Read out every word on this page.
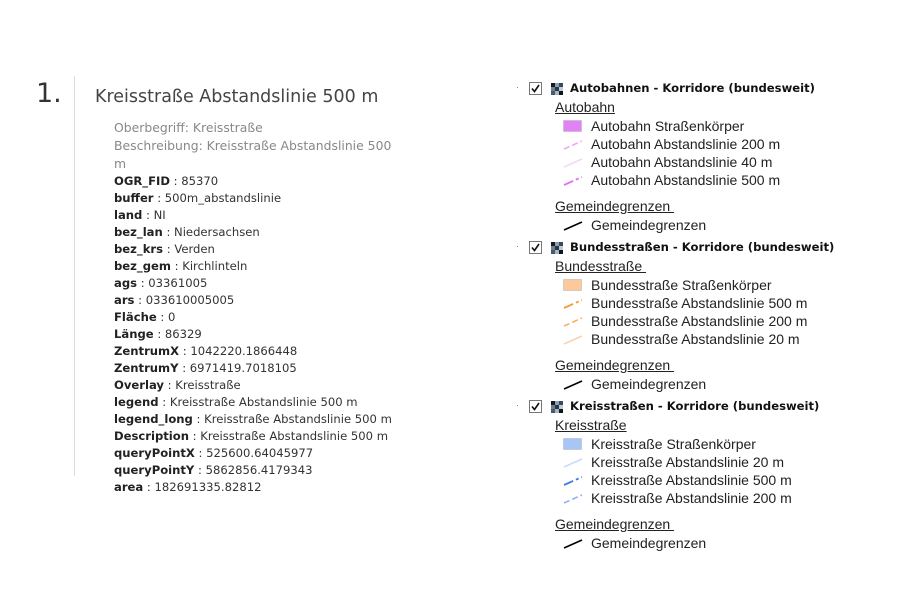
1. Kreisstraße Abstandslinie 500 m
Oberbegriff: Kreisstraße
Beschreibung: Kreisstraße Abstandslinie 500 m
OGR_FID : 85370
buffer : 500m_abstandslinie
land : NI
bez_lan : Niedersachsen
bez_krs : Verden
bez_gem : Kirchlinteln
ags : 03361005
ars : 033610005005
Fläche : 0
Länge : 86329
ZentrumX : 1042220.1866448
ZentrumY : 6971419.7018105
Overlay : Kreisstraße
legend : Kreisstraße Abstandslinie 500 m
legend_long : Kreisstraße Abstandslinie 500 m
Description : Kreisstraße Abstandslinie 500 m
queryPointX : 525600.64045977
queryPointY : 5862856.4179343
area : 182691335.82812
Autobahnen - Korridore (bundesweit)
Autobahn
Autobahn Straßenkörper
Autobahn Abstandslinie 200 m
Autobahn Abstandslinie 40 m
Autobahn Abstandslinie 500 m
Gemeindegrenzen
Gemeindegrenzen
Bundesstraßen - Korridore (bundesweit)
Bundesstraße
Bundesstraße Straßenkörper
Bundesstraße Abstandslinie 500 m
Bundesstraße Abstandslinie 200 m
Bundesstraße Abstandslinie 20 m
Gemeindegrenzen
Gemeindegrenzen
Kreisstraßen - Korridore (bundesweit)
Kreisstraße
Kreisstraße Straßenkörper
Kreisstraße Abstandslinie 20 m
Kreisstraße Abstandslinie 500 m
Kreisstraße Abstandslinie 200 m
Gemeindegrenzen
Gemeindegrenzen
